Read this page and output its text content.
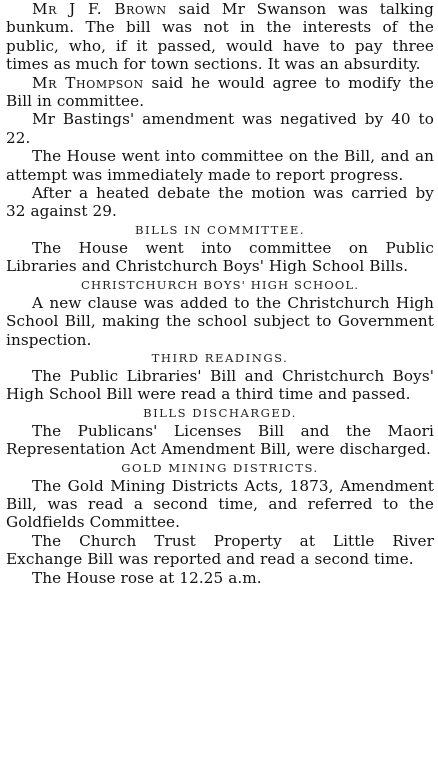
Mr J F. Brown said Mr Swanson was talking bunkum. The bill was not in the interests of the public, who, if it passed, would have to pay three times as much for town sections. It was an absurdity.

Mr Thompson said he would agree to modify the Bill in committee.

Mr Bastings' amendment was negatived by 40 to 22.

The House went into committee on the Bill, and an attempt was immediately made to report progress.

After a heated debate the motion was carried by 32 against 29.

BILLS IN COMMITTEE.

The House went into committee on Public Libraries and Christchurch Boys' High School Bills.

CHRISTCHURCH BOYS' HIGH SCHOOL.

A new clause was added to the Christchurch High School Bill, making the school subject to Government inspection.

THIRD READINGS.

The Public Libraries' Bill and Christchurch Boys' High School Bill were read a third time and passed.

BILLS DISCHARGED.

The Publicans' Licenses Bill and the Maori Representation Act Amendment Bill, were discharged.

GOLD MINING DISTRICTS.

The Gold Mining Districts Acts, 1873, Amendment Bill, was read a second time, and referred to the Goldfields Committee.

The Church Trust Property at Little River Exchange Bill was reported and read a second time.

The House rose at 12.25 a.m.
